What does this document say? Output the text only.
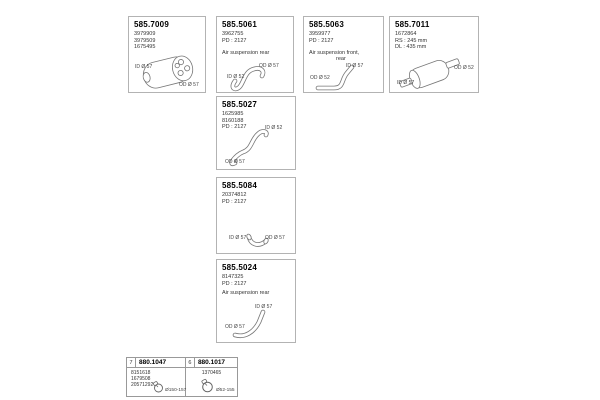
585.7009
3979909
3979509
1675495
ID Ø 57
OD Ø 57
585.5061
3962755
PD : 2127
Air suspension rear
OD Ø 57
ID Ø 52
585.5063
3959977
PD : 2127
Air suspension front,
rear
ID Ø 57
OD Ø 52
585.7011
1672864
RS : 245 mm
DL : 435 mm
OD Ø 52
ID Ø 57
585.5027
1625985
8160188
PD : 2127	ID Ø 52
OD Ø 57
585.5084
20374812
PD : 2127
ID Ø 57	OD Ø 57
585.5024
8147325
PD : 2127
Air suspension rear
ID Ø 57
OD Ø 57
7 880.1047
8151618
1679508
20571292
Ø150-157
6 880.1017
1370465
Ø52-155
